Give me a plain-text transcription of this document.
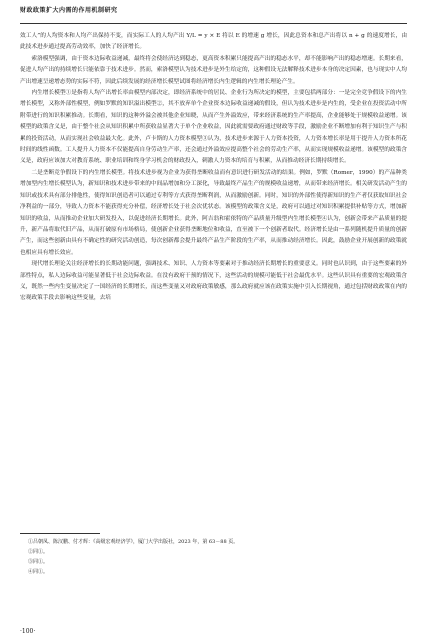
财政政策扩大内需的作用机制研究

效工人”的人均资本和人均产出保持不变，而实际工人的人均产出 Y/L = y × E 将以 E 的增速 g 增长，因此总资本和总产出将以 n + g 的速度增长，由此技术进步通过提高劳动效率，加快了经济增长。

索洛模型强调，由于资本边际收益递减，最终将会使经济达到稳态，更高资本积累只能提高产出的稳态水平，却不能影响产出的稳态增速。长期来看，促进人均产出的持续增长只能依靠于技术进步。然而，索洛模型认为技术进步是外生给定的，这种假设无法解释技术进步本身的决定因素，也与现实中人均产出增速呈递增态势的实际不符，因此后续发展的经济增长模型试图将经济增长内生逻辑的内生增长理论产生。

内生增长模型①是指将人均产出增长率由模型内部决定，即经济系统中的居民、企业行为所决定的模型，主要包括两部分：一是完全竞争假设下的内生增长模型，又称外部性模型，例如罗默的知识溢出模型②，其不放弃单个企业资本边际收益递减的假设，但认为技术进步是内生的，受企业在投资活动中所附带进行的知识积累推动。长期看，知识的这种外溢会被其他企业知晓，从而产生外溢效应，带来经济系统的生产率提高，企业能够处于规模收益递增。该模型的政策含义是，由于整个社会从知识积累中所获收益显著大于单个企业收益，因此就需要政府通过财政等手段，激励企业不断增加有利于知识生产与积累的投资活动，从而实现社会收益最大化。此外，卢卡斯的人力资本模型③认为，技术进步来源于人力资本投资，人力资本增长率是用于提升人力资本所花时间的线性函数。工人提升人力资本不仅能提高自身劳动生产率，还会通过外溢效应提高整个社会的劳动生产率，从而实现规模收益递增。该模型的政策含义是，政府应该加大对教育系统、职业培训和终身学习机会的财政投入，刺激人力资本的培育与积累，从而推动经济长期持续增长。

二是垄断竞争假设下的内生增长模型。将技术进步视为企业为获得垄断收益而有意识进行研发活动的结果。例如，罗默（Romer，1990）的产品种类增加型内生增长模型认为，新知识和技术进步带来的中间品增加和分工深化，导致最终产品生产的规模收益递增，从而带来经济增长。相关研发活动产生的知识或技术具有部分排他性，使得知识创造者可以通过专利等方式获得垄断利润，从而激励创新。同时，知识的外部性使得新知识的生产者仅获取知识社会净利益的一部分，导致人力资本不能获得充分补偿，经济增长处于社会次优状态。该模型的政策含义是，政府可以通过对知识积累提供补贴等方式，增加新知识的收益，从而推动企业加大研发投入，以促进经济长期增长。此外，阿吉翁和霍依特的产品质量升级型内生增长模型④认为，创新会带来产品质量的提升，新产品将取代旧产品，从而打破原有市场格局，使创新企业获得垄断地位和收益，直至被下一个创新者取代。经济增长是由一系列随机提升质量的创新产生，而这些创新由具有不确定性的研究活动创造，每次创新都会提升最终产品生产阶段的生产率，从而推动经济增长。因此，鼓励企业开展创新的政策就也相应具有增长效应。

现代增长理论关注经济增长的长期动能问题，强调技术、知识、人力资本等要素对于推动经济长期增长的重要意义。同时也认识到，由于这些要素的外部性特点，私人边际收益可能显著低于社会边际收益。在没有政府干预的情况下，这些活动的规模可能低于社会最优水平。这些认识具有重要的宏观政策含义，既然一些内生变量决定了一国经济的长期增长，而这些变量又对政府政策敏感，那么政府就应该在政策实施中引入长期视角，通过包括财政政策在内的宏观政策手段去影响这些变量，去培

①吕朝凤、陈汉鹏、付才辉：《高级宏观经济学》，厦门大学出版社，2023 年，第 63－88 页。
②同①。
③同①。
④同①。
·100·
